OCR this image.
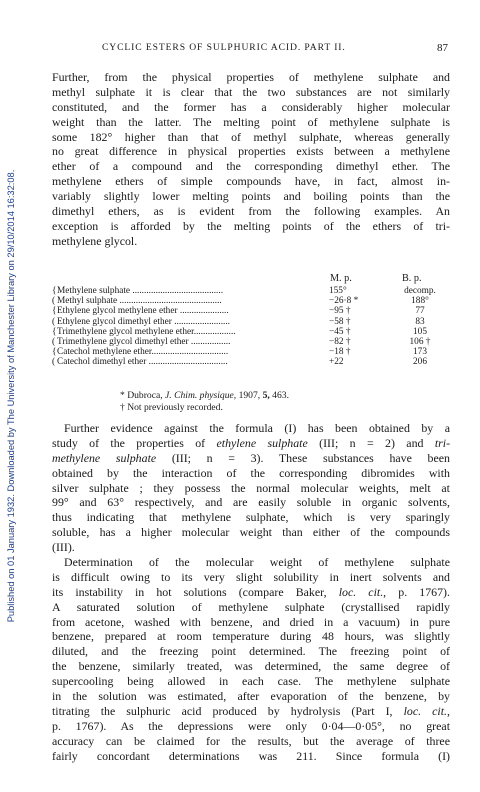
Published on 01 January 1932. Downloaded by The University of Manchester Library on 29/10/2014 16:32:08.
CYCLIC ESTERS OF SULPHURIC ACID. PART II.	87
Further, from the physical properties of methylene sulphate and
methyl sulphate it is clear that the two substances are not similarly
constituted, and the former has a considerably higher molecular
weight than the latter. The melting point of methylene sulphate is
some 182° higher than that of methyl sulphate, whereas generally
no great difference in physical properties exists between a methylene
ether of a compound and the corresponding dimethyl ether. The
methylene ethers of simple compounds have, in fact, almost in-
variably slightly lower melting points and boiling points than the
dimethyl ethers, as is evident from the following examples. An
exception is afforded by the melting points of the ethers of tri-
methylene glycol.
M. p.	B. p.
{ Methylene sulphate .......................................	155°	decomp.
( Methyl sulphate ............................................	−26·8 *	188°
{ Ethylene glycol methylene ether .....................	−95 †	77
( Ethylene glycol dimethyl ether ........................	−58 †	83
{ Trimethylene glycol methylene ether..................	−45 †	105
( Trimethylene glycol dimethyl ether .................	−82 †	106 †
{ Catechol methylene ether.................................	−18 †	173
( Catechol dimethyl ether ..................................	+22	206
* Dubroca, J. Chim. physique, 1907, 5, 463.
† Not previously recorded.
Further evidence against the formula (I) has been obtained by a
study of the properties of ethylene sulphate (III; n = 2) and tri-
methylene sulphate (III; n = 3). These substances have been
obtained by the interaction of the corresponding dibromides with
silver sulphate ; they possess the normal molecular weights, melt at
99° and 63° respectively, and are easily soluble in organic solvents,
thus indicating that methylene sulphate, which is very sparingly
soluble, has a higher molecular weight than either of the compounds
(III).
Determination of the molecular weight of methylene sulphate
is difficult owing to its very slight solubility in inert solvents and
its instability in hot solutions (compare Baker, loc. cit., p. 1767).
A saturated solution of methylene sulphate (crystallised rapidly
from acetone, washed with benzene, and dried in a vacuum) in pure
benzene, prepared at room temperature during 48 hours, was slightly
diluted, and the freezing point determined. The freezing point of
the benzene, similarly treated, was determined, the same degree of
supercooling being allowed in each case. The methylene sulphate
in the solution was estimated, after evaporation of the benzene, by
titrating the sulphuric acid produced by hydrolysis (Part I, loc. cit.,
p. 1767). As the depressions were only 0·04—0·05°, no great
accuracy can be claimed for the results, but the average of three
fairly concordant determinations was 211. Since formula (I)
